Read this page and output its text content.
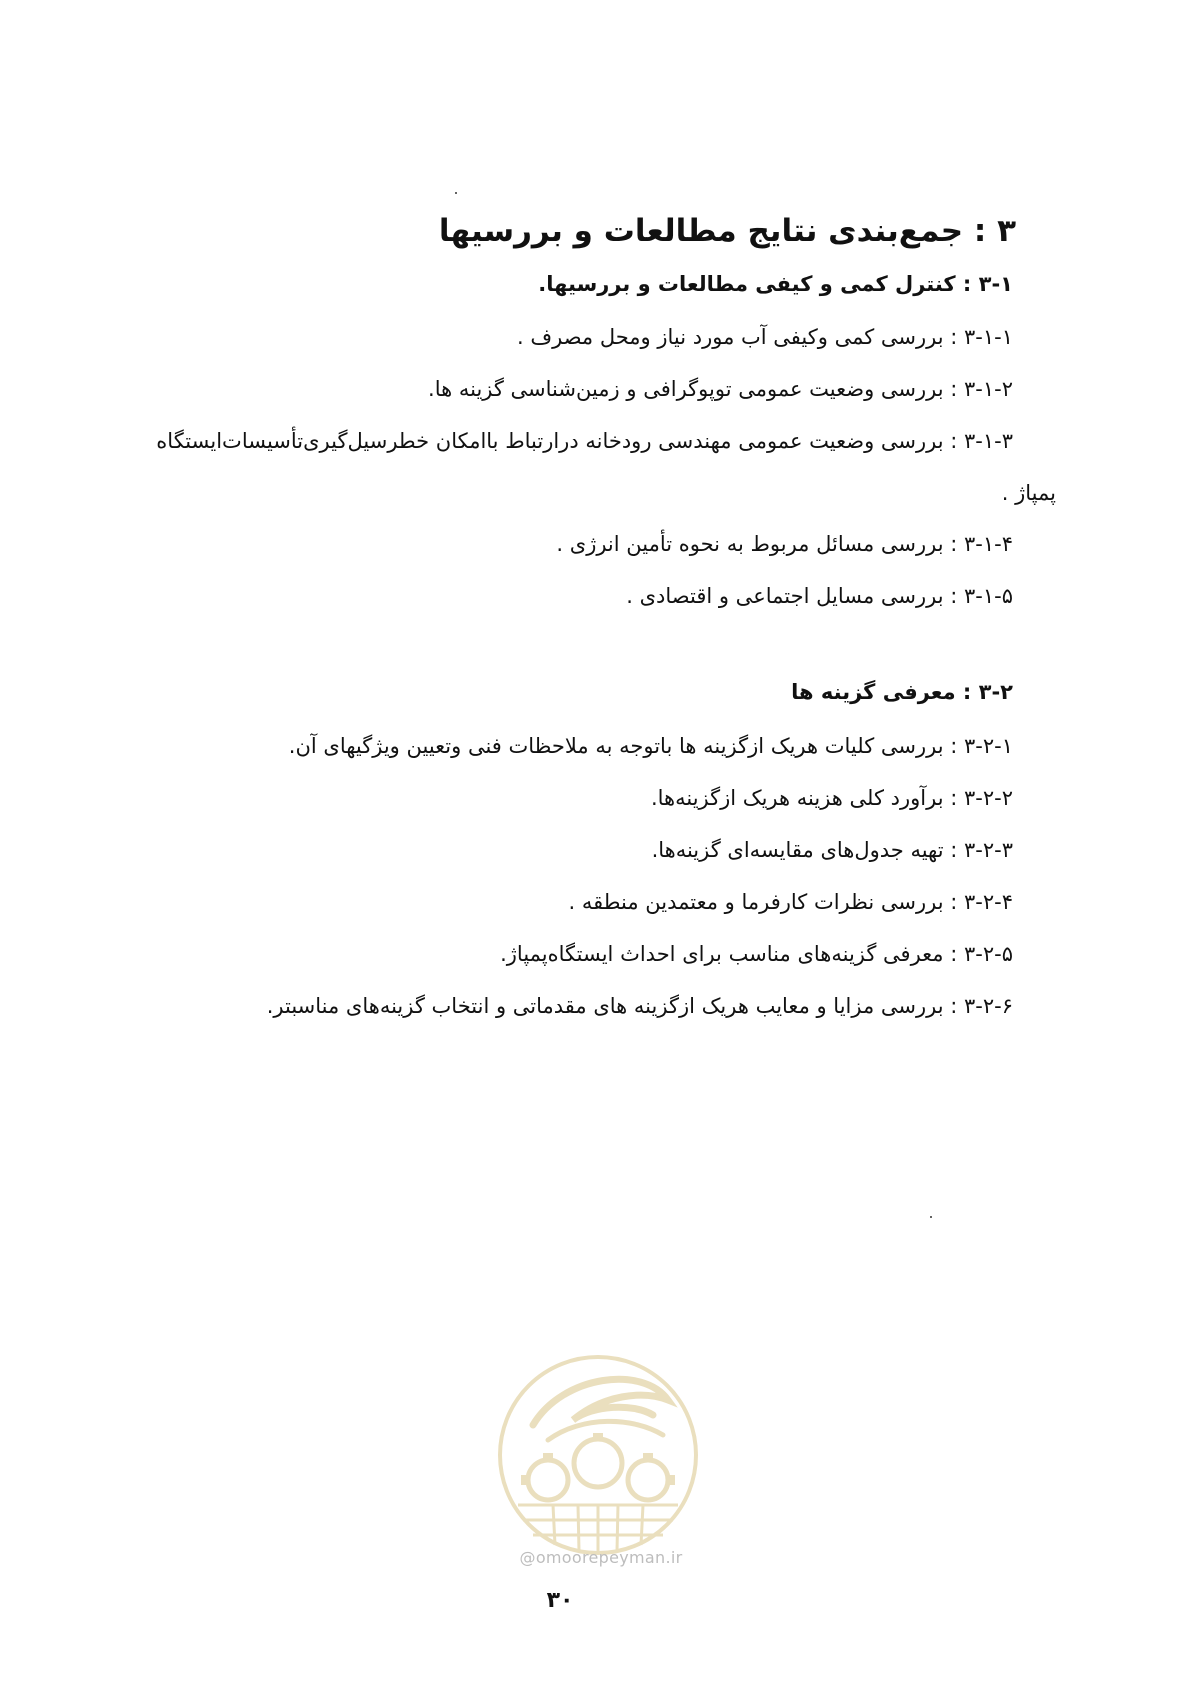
۳ : جمع‌بندی نتایج مطالعات و بررسیها
۳-۱ : کنترل کمی و کیفی مطالعات و بررسیها.
۳-۱-۱ : بررسی کمی وکیفی آب مورد نیاز ومحل مصرف .
۳-۱-۲ : بررسی وضعیت عمومی توپوگرافی و زمین‌شناسی گزینه ها.
۳-۱-۳ : بررسی وضعیت عمومی مهندسی رودخانه درارتباط باامکان خطرسیل‌گیری‌تأسیسات‌ایستگاه
پمپاژ .
۳-۱-۴ : بررسی مسائل مربوط به نحوه تأمین انرژی .
۳-۱-۵ : بررسی مسایل اجتماعی و اقتصادی .
۳-۲ : معرفی گزینه ها
۳-۲-۱ : بررسی کلیات هریک ازگزینه ها باتوجه به ملاحظات فنی وتعیین ویژگیهای آن.
۳-۲-۲ : برآورد کلی هزینه هریک ازگزینه‌ها.
۳-۲-۳ : تهیه جدول‌های مقایسه‌ای گزینه‌ها.
۳-۲-۴ : بررسی نظرات کارفرما و معتمدین منطقه .
۳-۲-۵ : معرفی گزینه‌های مناسب برای احداث ایستگاه‌پمپاژ.
۳-۲-۶ : بررسی مزایا و معایب هریک ازگزینه های مقدماتی و انتخاب گزینه‌های مناسبتر.
@omoorepeyman.ir
۳۰
